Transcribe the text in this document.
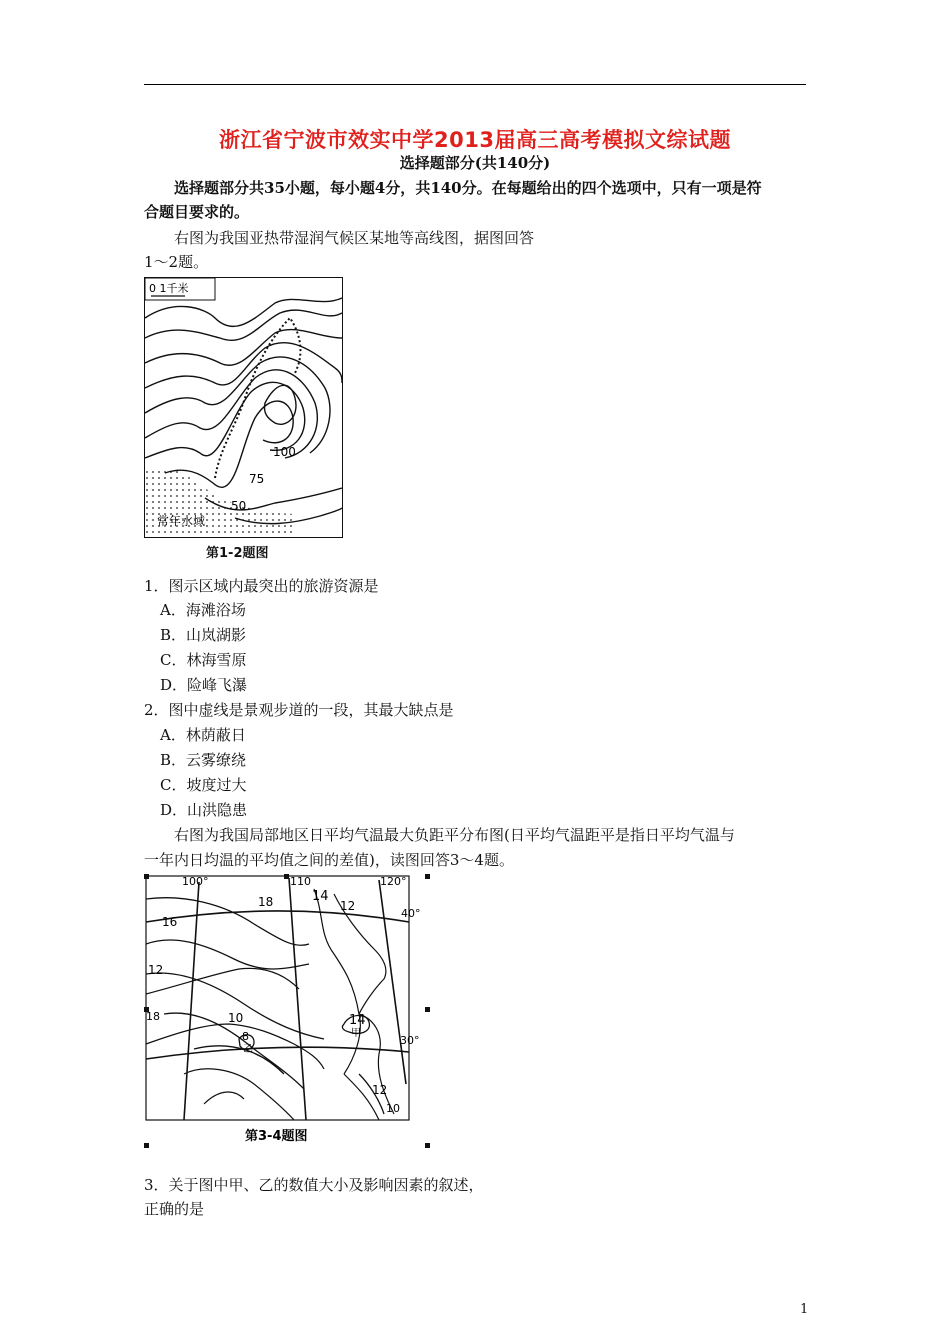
浙江省宁波市效实中学2013届高三高考模拟文综试题
选择题部分(共140分)
选择题部分共35小题，每小题4分，共140分。在每题给出的四个选项中，只有一项是符
合题目要求的。
右图为我国亚热带湿润气候区某地等高线图，据图回答
1～2题。
0 1千米
100
75
50
常年水域
第1-2题图
1．图示区域内最突出的旅游资源是
A．海滩浴场
B．山岚湖影
C．林海雪原
D．险峰飞瀑
2．图中虚线是景观步道的一段，其最大缺点是
A．林荫蔽日
B．云雾缭绕
C．坡度过大
D．山洪隐患
右图为我国局部地区日平均气温最大负距平分布图(日平均气温距平是指日平均气温与
一年内日均温的平均值之间的差值)，读图回答3～4题。
100°	110	120°
40°
30°
18	14
12
16
12
18	10
8
14
12
10
甲
乙
第3-4题图
3．关于图中甲、乙的数值大小及影响因素的叙述，
正确的是
1
